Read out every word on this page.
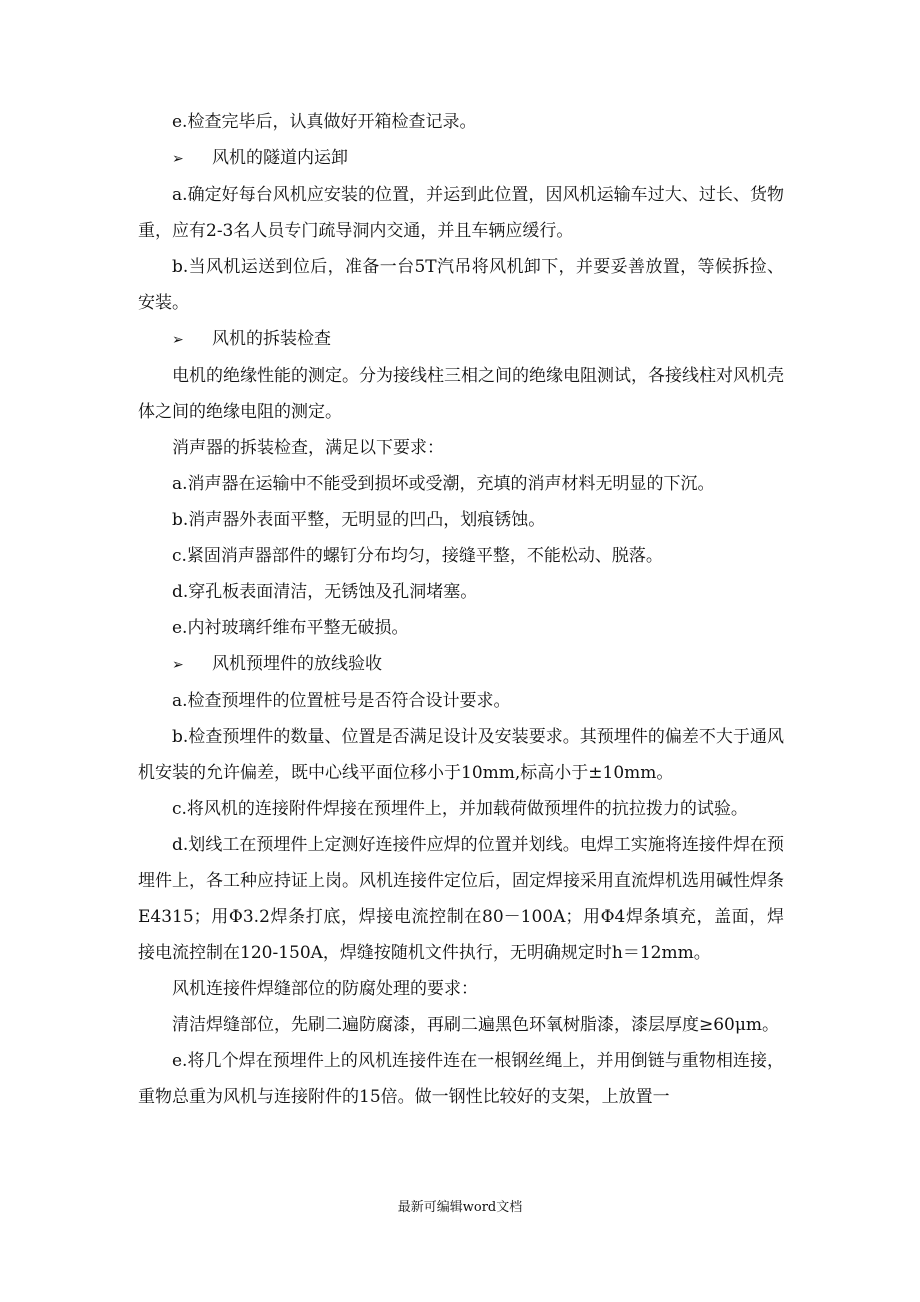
e.检查完毕后，认真做好开箱检查记录。

➢ 风机的隧道内运卸

a.确定好每台风机应安装的位置，并运到此位置，因风机运输车过大、过长、货物重，应有2-3名人员专门疏导洞内交通，并且车辆应缓行。

b.当风机运送到位后，准备一台5T汽吊将风机卸下，并要妥善放置，等候拆捡、安装。

➢ 风机的拆装检查

电机的绝缘性能的测定。分为接线柱三相之间的绝缘电阻测试，各接线柱对风机壳体之间的绝缘电阻的测定。

消声器的拆装检查，满足以下要求：

a.消声器在运输中不能受到损坏或受潮，充填的消声材料无明显的下沉。

b.消声器外表面平整，无明显的凹凸，划痕锈蚀。

c.紧固消声器部件的螺钉分布均匀，接缝平整，不能松动、脱落。

d.穿孔板表面清洁，无锈蚀及孔洞堵塞。

e.内衬玻璃纤维布平整无破损。

➢ 风机预埋件的放线验收

a.检查预埋件的位置桩号是否符合设计要求。

b.检查预埋件的数量、位置是否满足设计及安装要求。其预埋件的偏差不大于通风机安装的允许偏差，既中心线平面位移小于10mm,标高小于±10mm。

c.将风机的连接附件焊接在预埋件上，并加载荷做预埋件的抗拉拨力的试验。

d.划线工在预埋件上定测好连接件应焊的位置并划线。电焊工实施将连接件焊在预埋件上，各工种应持证上岗。风机连接件定位后，固定焊接采用直流焊机选用碱性焊条E4315；用Φ3.2焊条打底，焊接电流控制在80－100A；用Φ4焊条填充，盖面，焊接电流控制在120-150A，焊缝按随机文件执行，无明确规定时h＝12mm。

风机连接件焊缝部位的防腐处理的要求：

清洁焊缝部位，先刷二遍防腐漆，再刷二遍黑色环氧树脂漆，漆层厚度≥60μm。

e.将几个焊在预埋件上的风机连接件连在一根钢丝绳上，并用倒链与重物相连接，重物总重为风机与连接附件的15倍。做一钢性比较好的支架，上放置一

最新可编辑word文档
